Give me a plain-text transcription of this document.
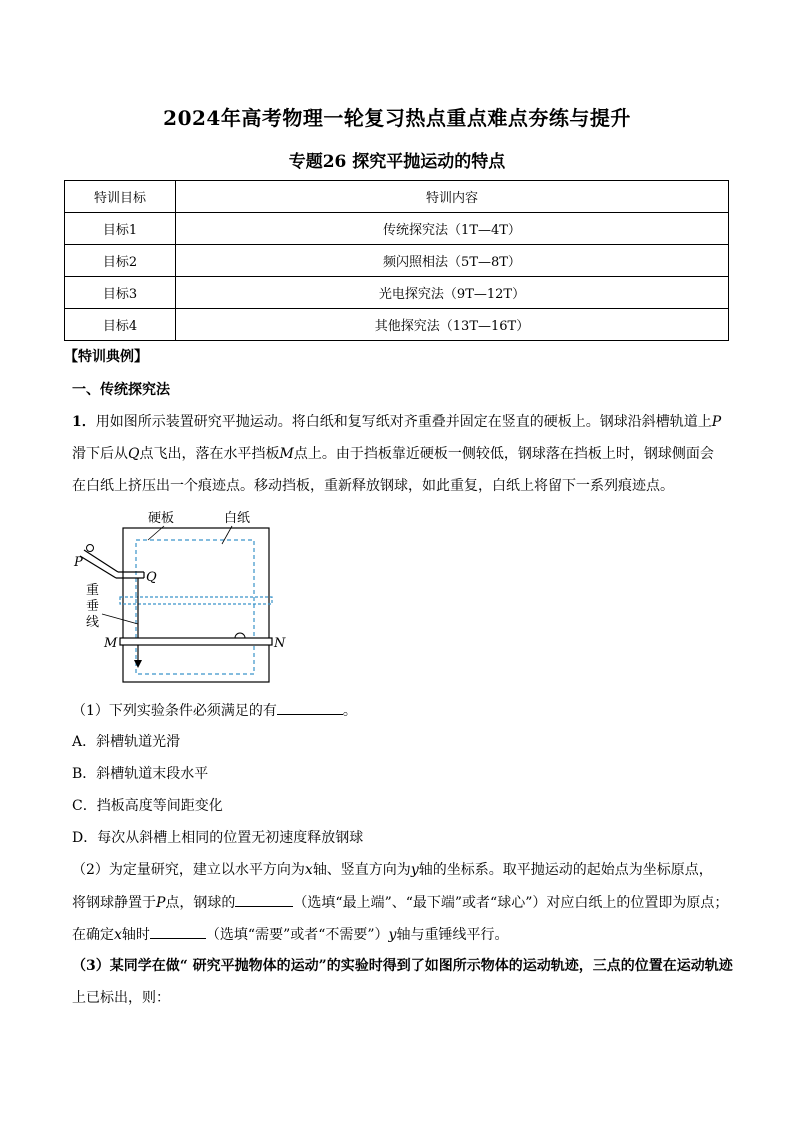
2024年高考物理一轮复习热点重点难点夯练与提升
专题26 探究平抛运动的特点
特训目标	特训内容
目标1	传统探究法（1T—4T）
目标2	频闪照相法（5T—8T）
目标3	光电探究法（9T—12T）
目标4	其他探究法（13T—16T）
【特训典例】
一、传统探究法
1．用如图所示装置研究平抛运动。将白纸和复写纸对齐重叠并固定在竖直的硬板上。钢球沿斜槽轨道上P
滑下后从Q点飞出，落在水平挡板M点上。由于挡板靠近硬板一侧较低，钢球落在挡板上时，钢球侧面会
在白纸上挤压出一个痕迹点。移动挡板，重新释放钢球，如此重复，白纸上将留下一系列痕迹点。
硬板	白纸
P
Q
重
垂
线
M	N
（1）下列实验条件必须满足的有	。
A．斜槽轨道光滑
B．斜槽轨道末段水平
C．挡板高度等间距变化
D．每次从斜槽上相同的位置无初速度释放钢球
（2）为定量研究，建立以水平方向为x轴、竖直方向为y轴的坐标系。取平抛运动的起始点为坐标原点，
将钢球静置于P点，钢球的	（选填“最上端”、“最下端”或者“球心”）对应白纸上的位置即为原点；
在确定x轴时	（选填“需要”或者“不需要”）y轴与重锤线平行。
（3）某同学在做“ 研究平抛物体的运动”的实验时得到了如图所示物体的运动轨迹，三点的位置在运动轨迹
上已标出，则：
